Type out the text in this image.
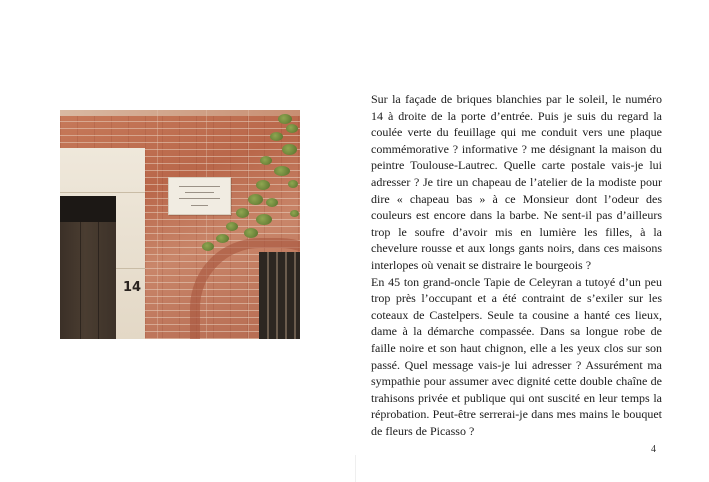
14

Sur la façade de briques blanchies par le soleil, le numéro 14 à droite de la porte d’entrée. Puis je suis du regard la coulée verte du feuillage qui me conduit vers une plaque commémorative ? informative ? me désignant la maison du peintre Toulouse-Lautrec. Quelle carte postale vais-je lui adresser ? Je tire un chapeau de l’atelier de la modiste pour dire « chapeau bas » à ce Monsieur dont l’odeur des couleurs est encore dans la barbe. Ne sent-il pas d’ailleurs trop le soufre d’avoir mis en lumière les filles, à la chevelure rousse et aux longs gants noirs, dans ces maisons interlopes où venait se distraire le bourgeois ?

En 45 ton grand-oncle Tapie de Celeyran a tutoyé d’un peu trop près l’occupant et a été contraint de s’exiler sur les coteaux de Castelpers. Seule ta cousine a hanté ces lieux, dame à la démarche compassée. Dans sa longue robe de faille noire et son haut chignon, elle a les yeux clos sur son passé. Quel message vais-je lui adresser ? Assurément ma sympathie pour assumer avec dignité cette double chaîne de trahisons privée et publique qui ont suscité en leur temps la réprobation. Peut-être serrerai-je dans mes mains le bouquet de fleurs de Picasso ?

4
